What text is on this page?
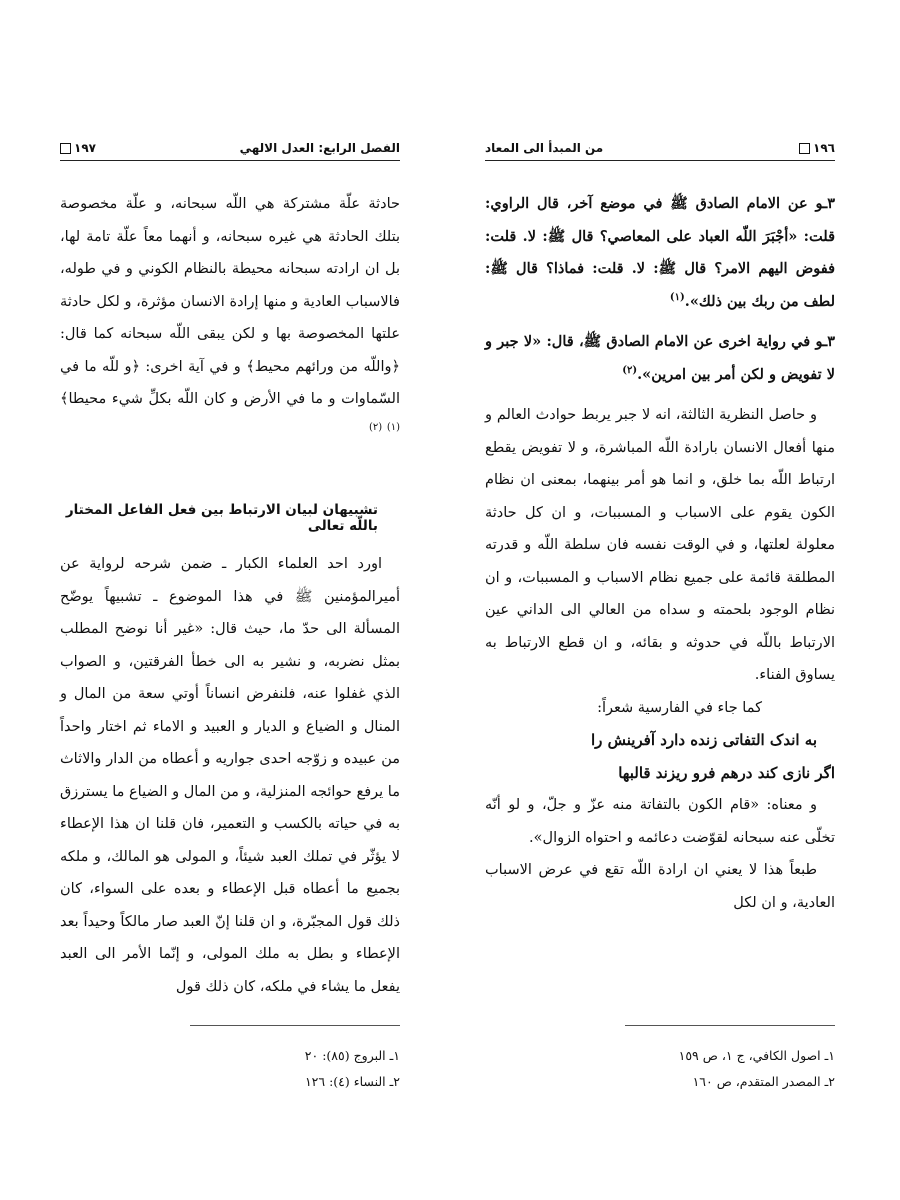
١٩٦
من المبدأ الى المعاد

٣ـو عن الامام الصادق ﷺ في موضع آخر، قال الراوي: قلت: «أجْبَرَ اللّه العباد على المعاصي؟ قال ﷺ: لا. قلت: ففوض اليهم الامر؟ قال ﷺ: لا. قلت: فماذا؟ قال ﷺ: لطف من ربك بين ذلك».$^{(١)}$

٣ـو في رواية اخرى عن الامام الصادق ﷺ، قال: «لا جبر و لا تفويض و لكن أمر بين امرين».$^{(٢)}$

و حاصل النظرية الثالثة، انه لا جبر يربط حوادث العالم و منها أفعال الانسان بارادة اللّه المباشرة، و لا تفويض يقطع ارتباط اللّه بما خلق، و انما هو أمر بينهما، بمعنى ان نظام الكون يقوم على الاسباب و المسببات، و ان كل حادثة معلولة لعلتها، و في الوقت نفسه فان سلطة اللّه و قدرته المطلقة قائمة على جميع نظام الاسباب و المسببات، و ان نظام الوجود بلحمته و سداه من العالي الى الداني عين الارتباط باللّه في حدوثه و بقائه، و ان قطع الارتباط به يساوق الفناء.

كما جاء في الفارسية شعراً:

به اندک التفاتی زنده دارد آفرینش را

اگر نازی کند درهم فرو ریزند قالبها

و معناه: «قام الكون بالتفاتة منه عزّ و جلّ، و لو أنّه تخلّى عنه سبحانه لقوّضت دعائمه و احتواه الزوال».

طبعاً هذا لا يعني ان ارادة اللّه تقع في عرض الاسباب العادية، و ان لكل

١ـ اصول الكافي، ج ١، ص ١٥٩
٢ـ المصدر المتقدم، ص ١٦٠
الفصل الرابع: العدل الالهي
١٩٧

حادثة علّة مشتركة هي اللّه سبحانه، و علّة مخصوصة بتلك الحادثة هي غيره سبحانه، و أنهما معاً علّة تامة لها، بل ان ارادته سبحانه محيطة بالنظام الكوني و في طوله، فالاسباب العادية و منها إرادة الانسان مؤثرة، و لكل حادثة علتها المخصوصة بها و لكن يبقى اللّه سبحانه كما قال: ﴿واللّه من ورائهم محيط﴾ و في آية اخرى: ﴿و للّه ما في السّماوات و ما في الأرض و كان اللّه بكلِّ شيء محيطا﴾$^{(١)}$ $^{(٢)}$

تشبيهان لبيان الارتباط بين فعل الفاعل المختار باللّه تعالى

اورد احد العلماء الكبار ـ ضمن شرحه لرواية عن أميرالمؤمنين ﷺ في هذا الموضوع ـ تشبيهاً يوضّح المسألة الى حدّ ما، حيث قال: «غير أنا نوضح المطلب بمثل نضربه، و نشير به الى خطأ الفرقتين، و الصواب الذي غفلوا عنه، فلنفرض انساناً أوتي سعة من المال و المنال و الضياع و الديار و العبيد و الاماء ثم اختار واحداً من عبيده و زوّجه احدى جواريه و أعطاه من الدار والاثاث ما يرفع حوائجه المنزلية، و من المال و الضياع ما يسترزق به في حياته بالكسب و التعمير، فان قلنا ان هذا الإعطاء لا يؤثّر في تملك العبد شيئاً، و المولى هو المالك، و ملكه بجميع ما أعطاه قبل الإعطاء و بعده على السواء، كان ذلك قول المجبّرة، و ان قلنا إنّ العبد صار مالكاً وحيداً بعد الإعطاء و بطل به ملك المولى، و إنّما الأمر الى العبد يفعل ما يشاء في ملكه، كان ذلك قول

١ـ البروج (٨٥): ٢٠
٢ـ النساء (٤): ١٢٦
